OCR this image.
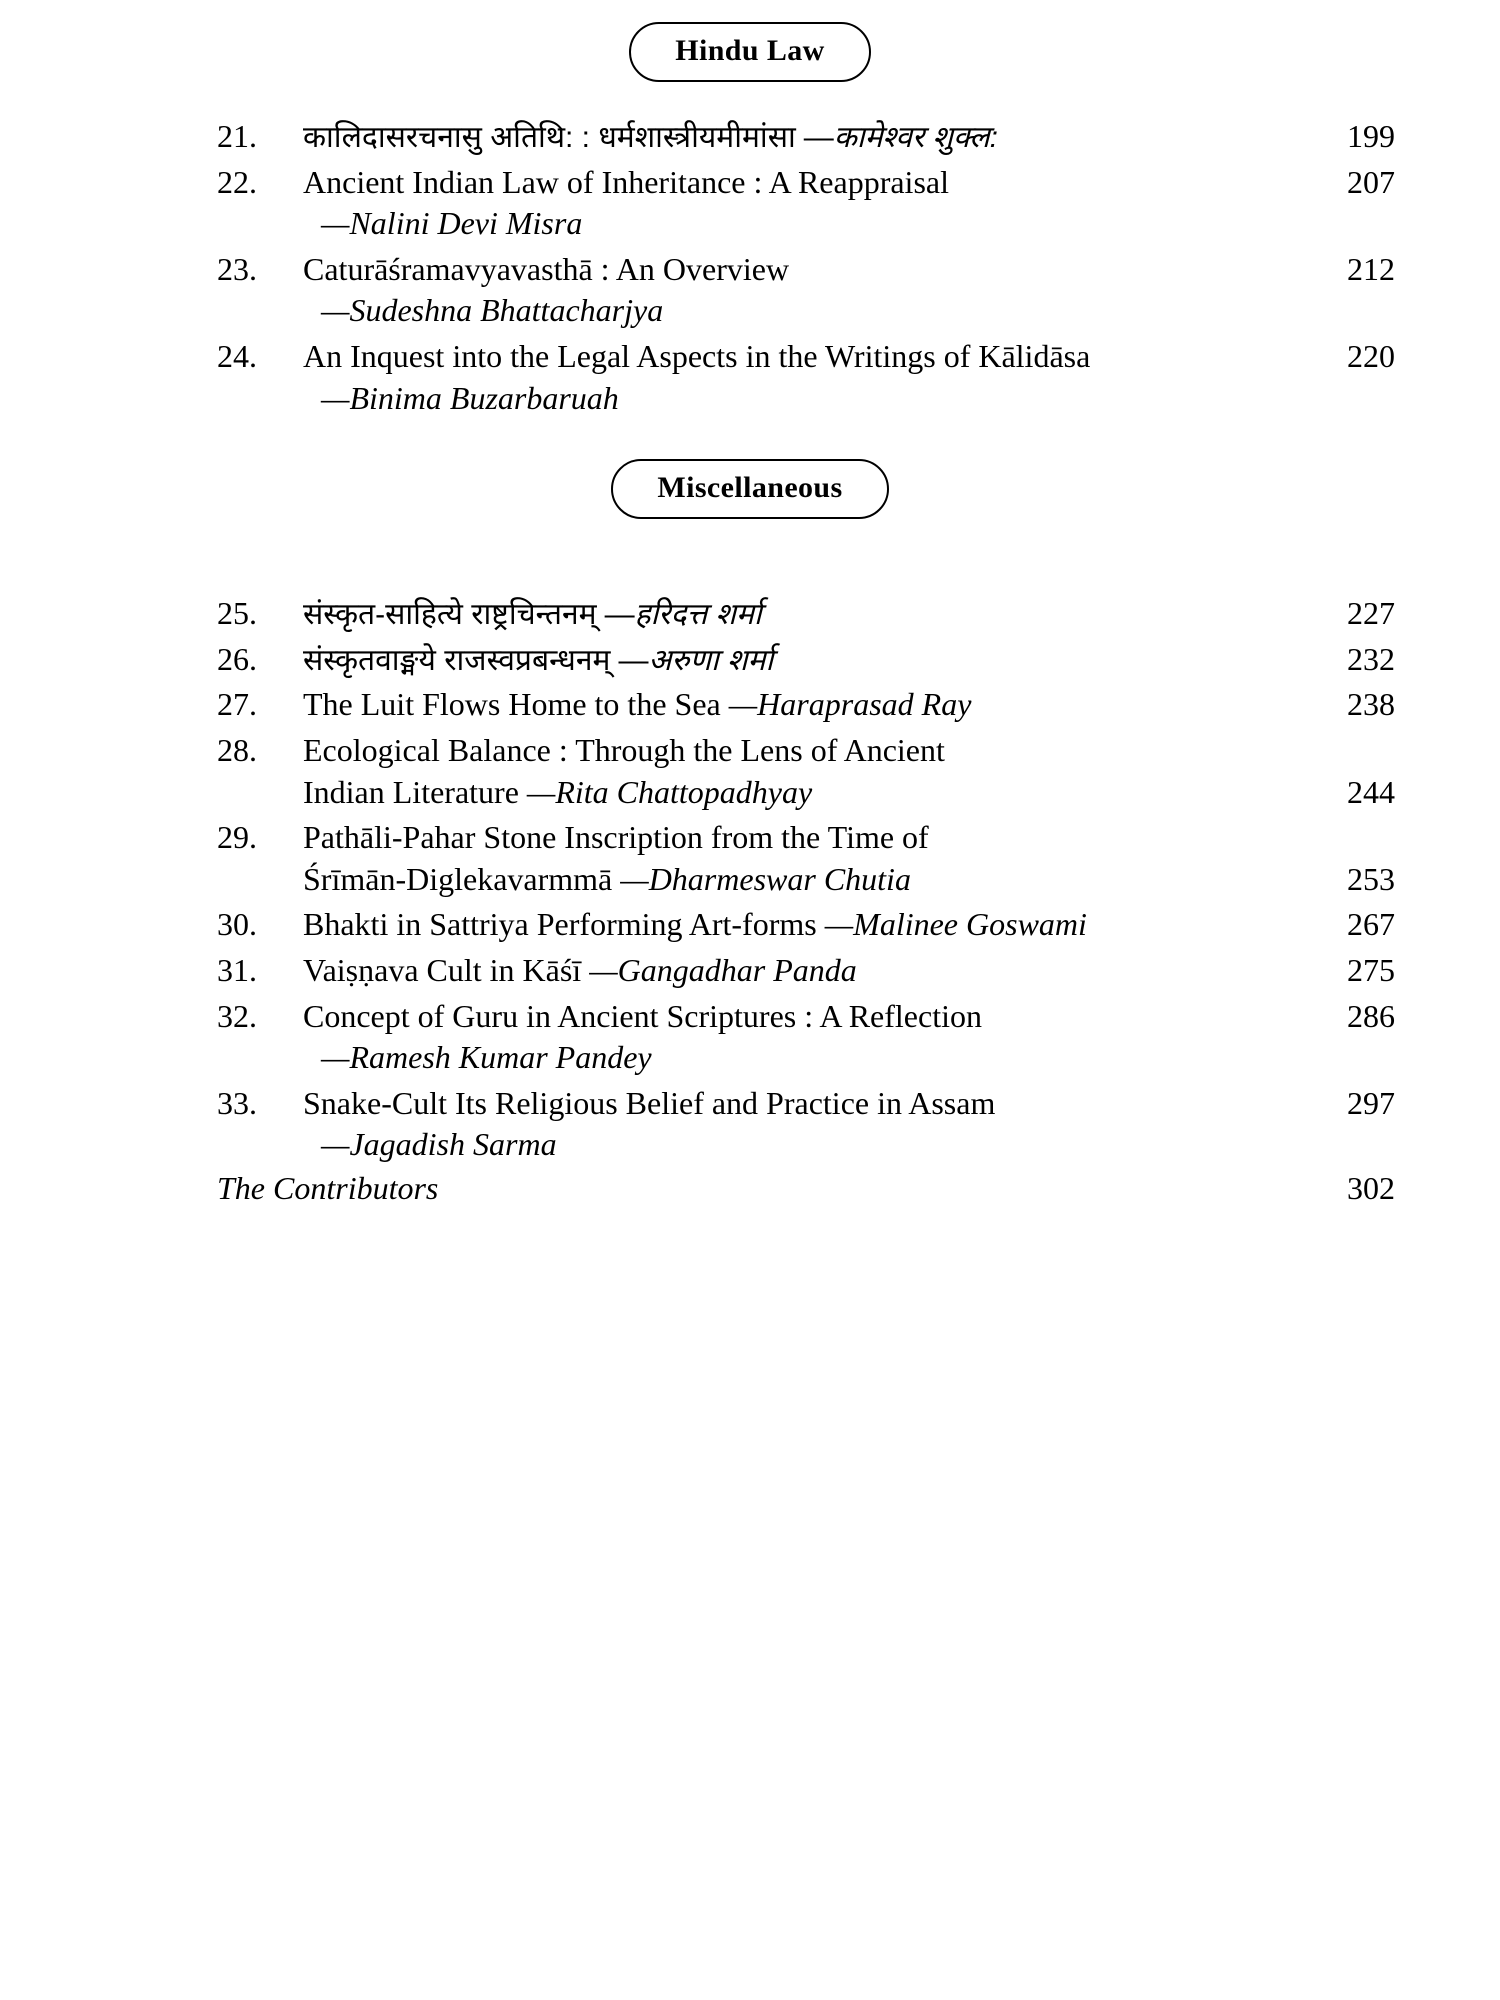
Hindu Law
21.	कालिदासरचनासु अतिथि: : धर्मशास्त्रीयमीमांसा —कामेश्वर शुक्ल:	199
22.	Ancient Indian Law of Inheritance : A Reappraisal	207
—Nalini Devi Misra
23.	Caturāśramavyavasthā : An Overview	212
—Sudeshna Bhattacharjya
24.	An Inquest into the Legal Aspects in the Writings of Kālidāsa	220
—Binima Buzarbaruah
Miscellaneous
25.	संस्कृत-साहित्ये राष्ट्रचिन्तनम् —हरिदत्त शर्मा	227
26.	संस्कृतवाङ्मये राजस्वप्रबन्धनम् —अरुणा शर्मा	232
27.	The Luit Flows Home to the Sea —Haraprasad Ray	238
28.	Ecological Balance : Through the Lens of Ancient
Indian Literature —Rita Chattopadhyay	244
29.	Pathāli-Pahar Stone Inscription from the Time of
Śrīmān-Diglekavarmmā —Dharmeswar Chutia	253
30.	Bhakti in Sattriya Performing Art-forms —Malinee Goswami	267
31.	Vaiṣṇava Cult in Kāśī —Gangadhar Panda	275
32.	Concept of Guru in Ancient Scriptures : A Reflection	286
—Ramesh Kumar Pandey
33.	Snake-Cult Its Religious Belief and Practice in Assam	297
—Jagadish Sarma
The Contributors	302
